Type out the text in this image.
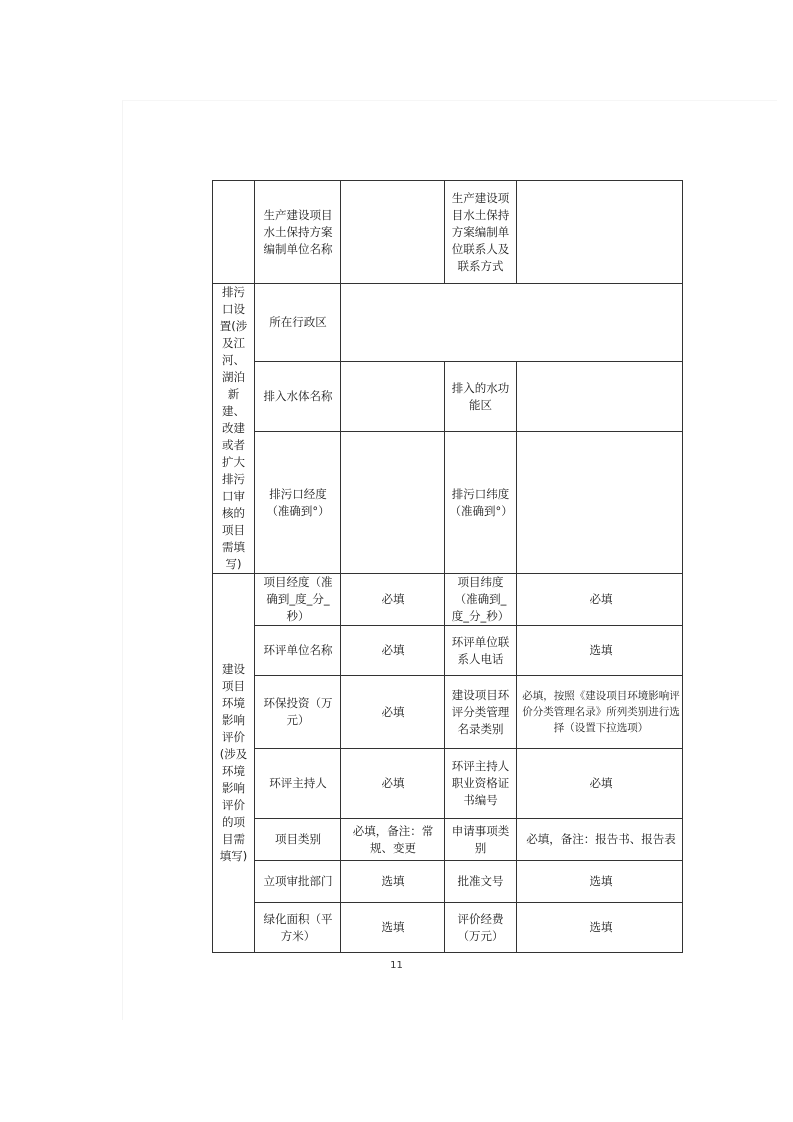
	生产建设项目水土保持方案编制单位名称		生产建设项目水土保持方案编制单位联系人及联系方式	
排污口设置(涉及江河、湖泊新建、改建或者扩大排污口审核的项目需填写)	所在行政区			
	排入水体名称		排入的水功能区	
	排污口经度（准确到°）		排污口纬度（准确到°）	
建设项目环境影响评价(涉及环境影响评价的项目需填写)	项目经度（准确到_度_分_秒）	必填	项目纬度（准确到_度_分_秒）	必填
	环评单位名称	必填	环评单位联系人电话	选填
	环保投资（万元）	必填	建设项目环评分类管理名录类别	必填，按照《建设项目环境影响评价分类管理名录》所列类别进行选择（设置下拉选项）
	环评主持人	必填	环评主持人职业资格证书编号	必填
	项目类别	必填，备注：常规、变更	申请事项类别	必填，备注：报告书、报告表
	立项审批部门	选填	批准文号	选填
	绿化面积（平方米）	选填	评价经费（万元）	选填
11
